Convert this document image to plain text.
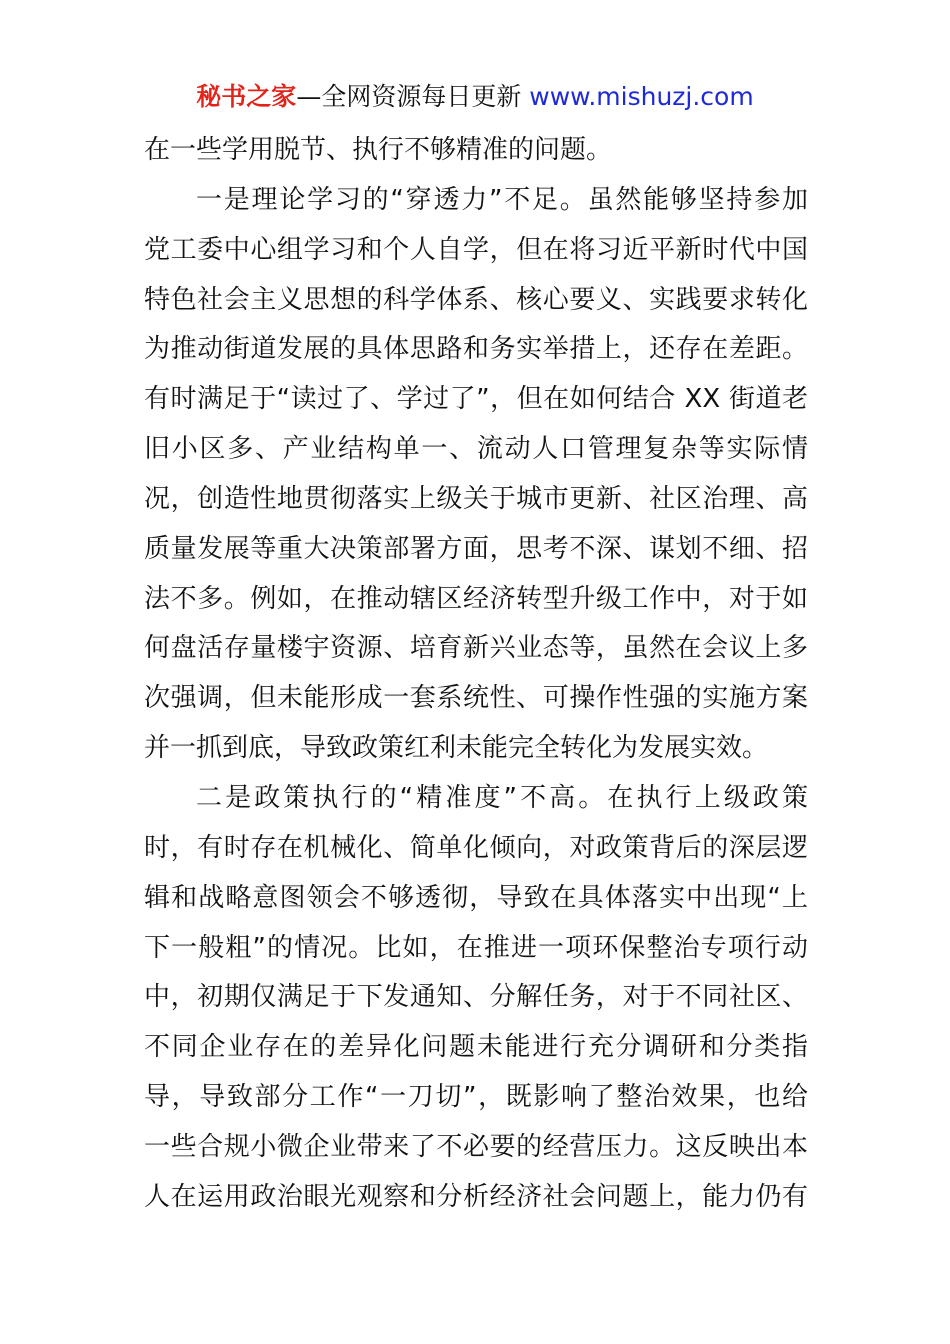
秘书之家—全网资源每日更新 www.mishuzj.com
在一些学用脱节、执行不够精准的问题。
一是理论学习的“穿透力”不足。虽然能够坚持参加
党工委中心组学习和个人自学，但在将习近平新时代中国
特色社会主义思想的科学体系、核心要义、实践要求转化
为推动街道发展的具体思路和务实举措上，还存在差距。
有时满足于“读过了、学过了”，但在如何结合 XX 街道老
旧小区多、产业结构单一、流动人口管理复杂等实际情
况，创造性地贯彻落实上级关于城市更新、社区治理、高
质量发展等重大决策部署方面，思考不深、谋划不细、招
法不多。例如，在推动辖区经济转型升级工作中，对于如
何盘活存量楼宇资源、培育新兴业态等，虽然在会议上多
次强调，但未能形成一套系统性、可操作性强的实施方案
并一抓到底，导致政策红利未能完全转化为发展实效。
二是政策执行的“精准度”不高。在执行上级政策
时，有时存在机械化、简单化倾向，对政策背后的深层逻
辑和战略意图领会不够透彻，导致在具体落实中出现“上
下一般粗”的情况。比如，在推进一项环保整治专项行动
中，初期仅满足于下发通知、分解任务，对于不同社区、
不同企业存在的差异化问题未能进行充分调研和分类指
导，导致部分工作“一刀切”，既影响了整治效果，也给
一些合规小微企业带来了不必要的经营压力。这反映出本
人在运用政治眼光观察和分析经济社会问题上，能力仍有
